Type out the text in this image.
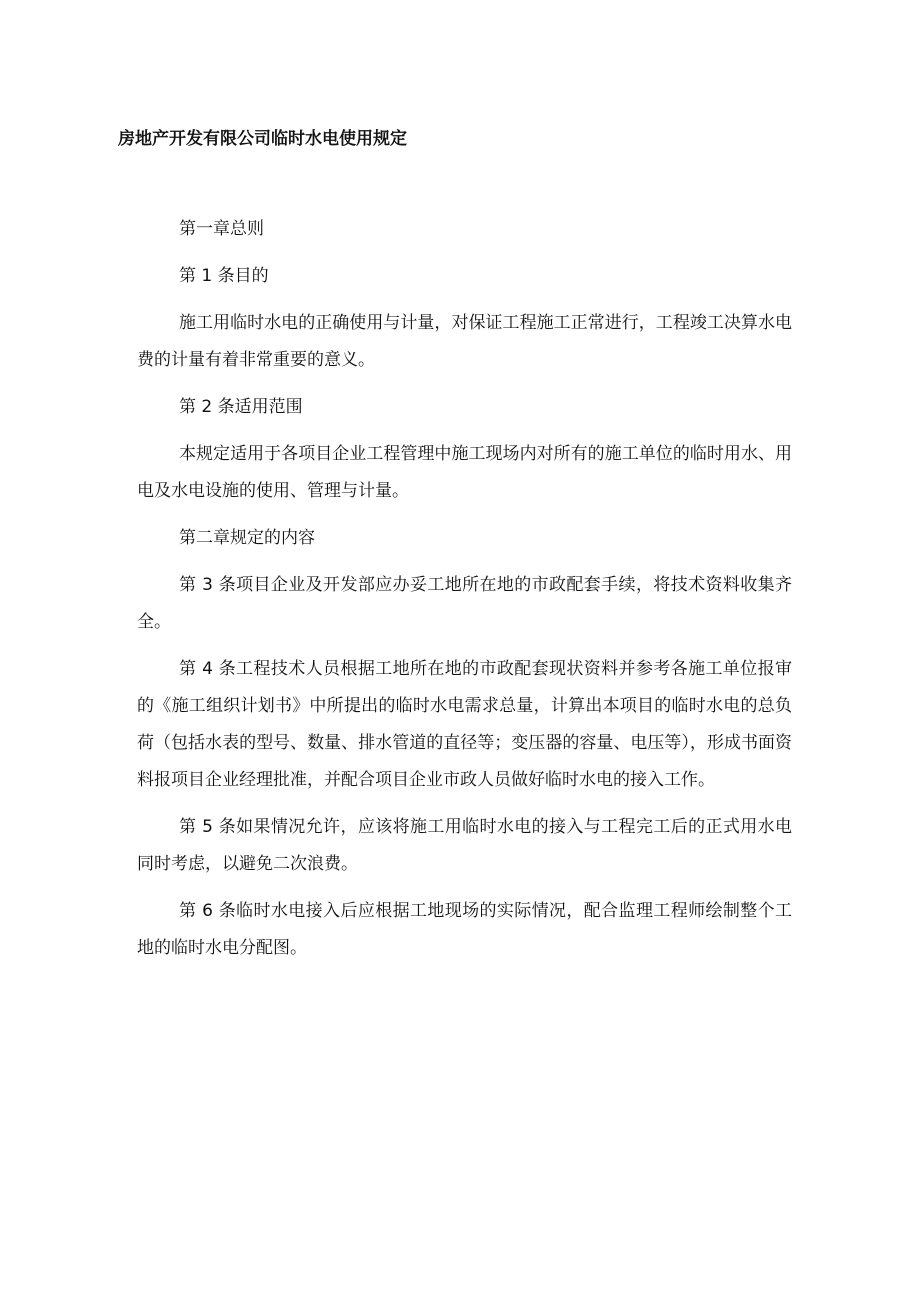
房地产开发有限公司临时水电使用规定

第一章总则

第 1 条目的

施工用临时水电的正确使用与计量，对保证工程施工正常进行，工程竣工决算水电费的计量有着非常重要的意义。

第 2 条适用范围

本规定适用于各项目企业工程管理中施工现场内对所有的施工单位的临时用水、用电及水电设施的使用、管理与计量。

第二章规定的内容

第 3 条项目企业及开发部应办妥工地所在地的市政配套手续，将技术资料收集齐全。

第 4 条工程技术人员根据工地所在地的市政配套现状资料并参考各施工单位报审的《施工组织计划书》中所提出的临时水电需求总量，计算出本项目的临时水电的总负荷（包括水表的型号、数量、排水管道的直径等；变压器的容量、电压等），形成书面资料报项目企业经理批准，并配合项目企业市政人员做好临时水电的接入工作。

第 5 条如果情况允许，应该将施工用临时水电的接入与工程完工后的正式用水电同时考虑，以避免二次浪费。

第 6 条临时水电接入后应根据工地现场的实际情况，配合监理工程师绘制整个工地的临时水电分配图。
